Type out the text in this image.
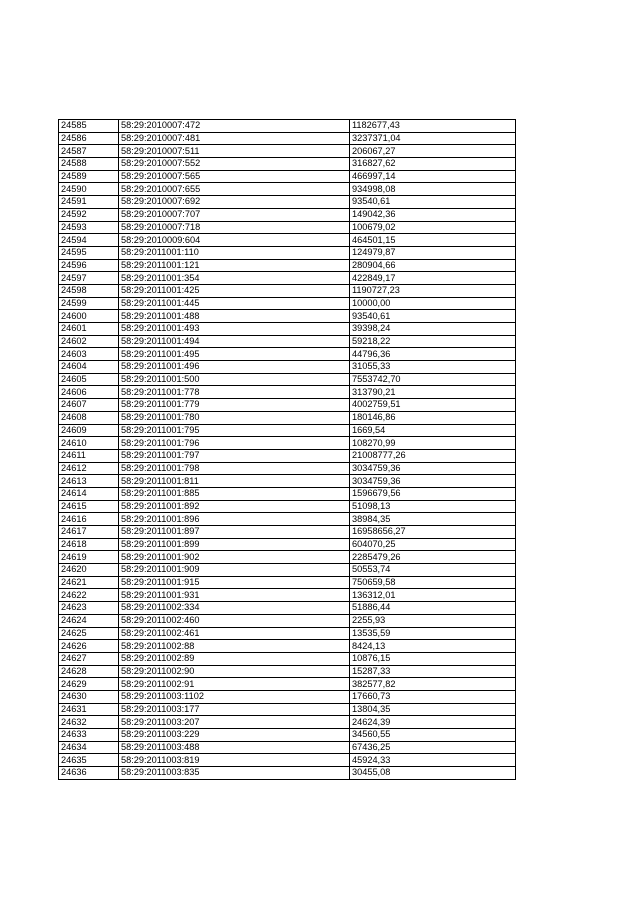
24585	58:29:2010007:472	1182677,43
24586	58:29:2010007:481	3237371,04
24587	58:29:2010007:511	206067,27
24588	58:29:2010007:552	316827,62
24589	58:29:2010007:565	466997,14
24590	58:29:2010007:655	934998,08
24591	58:29:2010007:692	93540,61
24592	58:29:2010007:707	149042,36
24593	58:29:2010007:718	100679,02
24594	58:29:2010009:604	464501,15
24595	58:29:2011001:110	124979,87
24596	58:29:2011001:121	280904,66
24597	58:29:2011001:354	422849,17
24598	58:29:2011001:425	1190727,23
24599	58:29:2011001:445	10000,00
24600	58:29:2011001:488	93540,61
24601	58:29:2011001:493	39398,24
24602	58:29:2011001:494	59218,22
24603	58:29:2011001:495	44796,36
24604	58:29:2011001:496	31055,33
24605	58:29:2011001:500	7553742,70
24606	58:29:2011001:778	313790,21
24607	58:29:2011001:779	4002759,51
24608	58:29:2011001:780	180146,86
24609	58:29:2011001:795	1669,54
24610	58:29:2011001:796	108270,99
24611	58:29:2011001:797	21008777,26
24612	58:29:2011001:798	3034759,36
24613	58:29:2011001:811	3034759,36
24614	58:29:2011001:885	1596679,56
24615	58:29:2011001:892	51098,13
24616	58:29:2011001:896	38984,35
24617	58:29:2011001:897	16958656,27
24618	58:29:2011001:899	604070,25
24619	58:29:2011001:902	2285479,26
24620	58:29:2011001:909	50553,74
24621	58:29:2011001:915	750659,58
24622	58:29:2011001:931	136312,01
24623	58:29:2011002:334	51886,44
24624	58:29:2011002:460	2255,93
24625	58:29:2011002:461	13535,59
24626	58:29:2011002:88	8424,13
24627	58:29:2011002:89	10876,15
24628	58:29:2011002:90	15287,33
24629	58:29:2011002:91	382577,82
24630	58:29:2011003:1102	17660,73
24631	58:29:2011003:177	13804,35
24632	58:29:2011003:207	24624,39
24633	58:29:2011003:229	34560,55
24634	58:29:2011003:488	67436,25
24635	58:29:2011003:819	45924,33
24636	58:29:2011003:835	30455,08
